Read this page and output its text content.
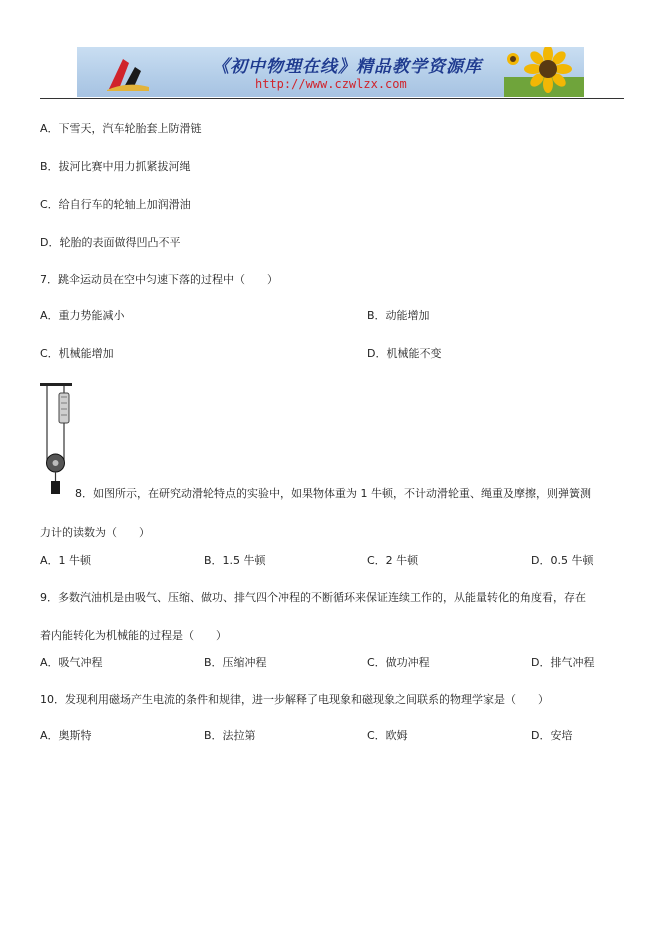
《初中物理在线》精品教学资源库
http://www.czwlzx.com
A．下雪天，汽车轮胎套上防滑链
B．拔河比赛中用力抓紧拔河绳
C．给自行车的轮轴上加润滑油
D．轮胎的表面做得凹凸不平
7．跳伞运动员在空中匀速下落的过程中（　　）
A．重力势能减小	B．动能增加
C．机械能增加	D．机械能不变
8．如图所示，在研究动滑轮特点的实验中，如果物体重为 1 牛顿，不计动滑轮重、绳重及摩擦，则弹簧测
力计的读数为（　　）
A．1 牛顿	B．1.5 牛顿	C．2 牛顿	D．0.5 牛顿
9．多数汽油机是由吸气、压缩、做功、排气四个冲程的不断循环来保证连续工作的，从能量转化的角度看，存在
着内能转化为机械能的过程是（　　）
A．吸气冲程	B．压缩冲程	C．做功冲程	D．排气冲程
10．发现利用磁场产生电流的条件和规律，进一步解释了电现象和磁现象之间联系的物理学家是（　　）
A．奥斯特	B．法拉第	C．欧姆	D．安培
